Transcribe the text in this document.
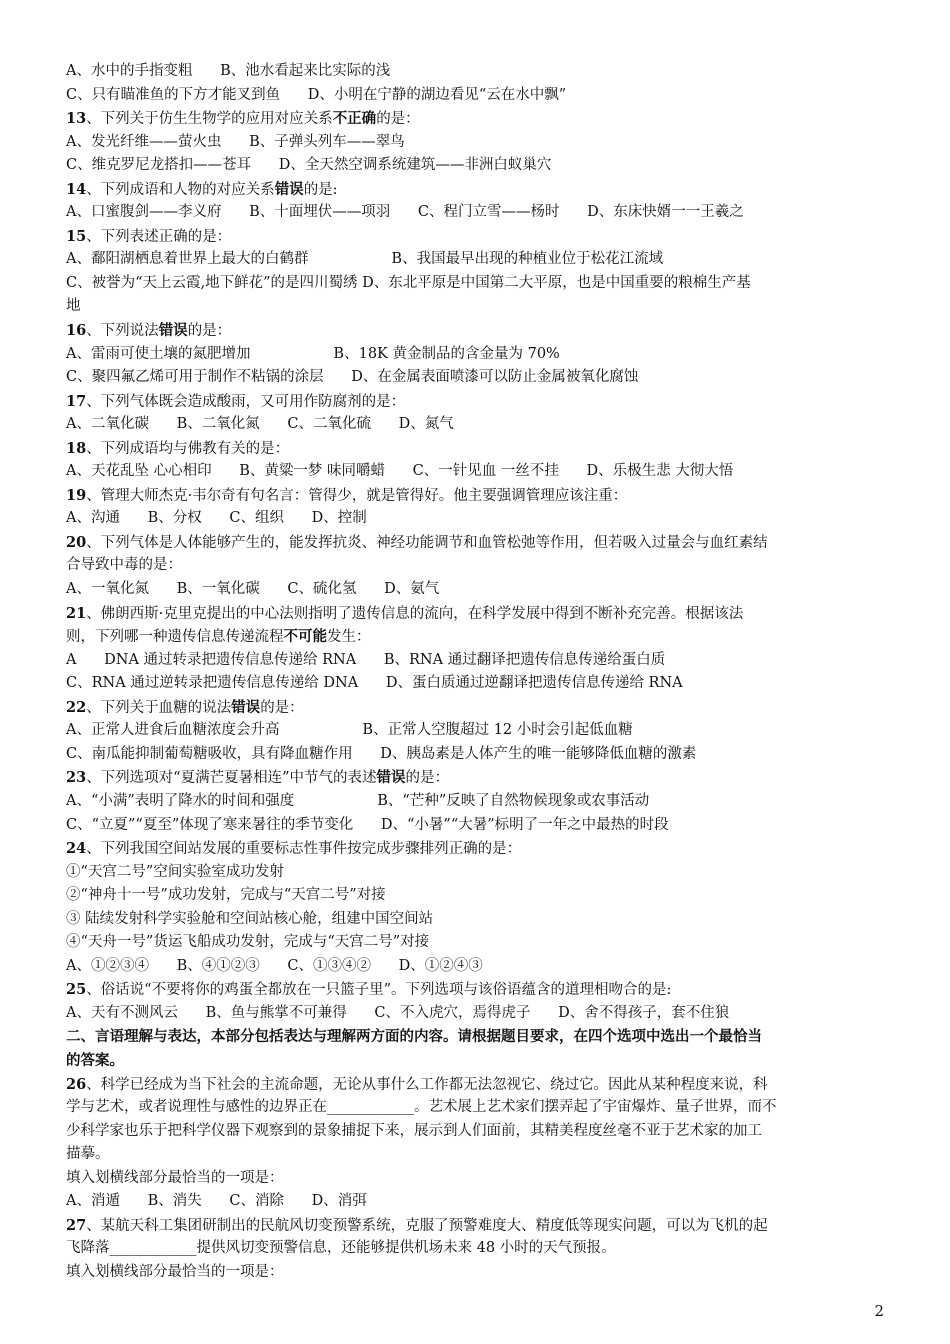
A、水中的手指变粗      B、池水看起来比实际的浅
C、只有瞄准鱼的下方才能叉到鱼      D、小明在宁静的湖边看见“云在水中飘”
13、下列关于仿生生物学的应用对应关系不正确的是：
A、发光纤维——萤火虫      B、子弹头列车——翠鸟
C、维克罗尼龙搭扣——苍耳      D、全天然空调系统建筑——非洲白蚁巢穴
14、下列成语和人物的对应关系错误的是:
A、口蜜腹剑——李义府      B、十面埋伏——项羽      C、程门立雪——杨时      D、东床快婿一一王羲之
15、下列表述正确的是：
A、鄱阳湖栖息着世界上最大的白鹤群                  B、我国最早出现的种植业位于松花江流域
C、被誉为“天上云霞,地下鲜花”的是四川蜀绣 D、东北平原是中国第二大平原，也是中国重要的粮棉生产基
地
16、下列说法错误的是：
A、雷雨可使土壤的氮肥增加                  B、18K 黄金制品的含金量为 70%
C、聚四氟乙烯可用于制作不粘锅的涂层      D、在金属表面喷漆可以防止金属被氧化腐蚀
17、下列气体既会造成酸雨，又可用作防腐剂的是：
A、二氧化碳      B、二氧化氮      C、二氧化硫      D、氮气
18、下列成语均与佛教有关的是：
A、天花乱坠 心心相印      B、黄粱一梦 味同嚼蜡      C、一针见血 一丝不挂      D、乐极生悲 大彻大悟
19、管理大师杰克·韦尔奇有句名言：管得少，就是管得好。他主要强调管理应该注重：
A、沟通      B、分权      C、组织      D、控制
20、下列气体是人体能够产生的，能发挥抗炎、神经功能调节和血管松弛等作用，但若吸入过量会与血红素结
合导致中毒的是：
A、一氧化氮      B、一氧化碳      C、硫化氢      D、氨气
21、佛朗西斯·克里克提出的中心法则指明了遗传信息的流向，在科学发展中得到不断补充完善。根据该法
则，下列哪一种遗传信息传递流程不可能发生：
A      DNA 通过转录把遗传信息传递给 RNA      B、RNA 通过翻译把遗传信息传递给蛋白质
C、RNA 通过逆转录把遗传信息传递给 DNA      D、蛋白质通过逆翻译把遗传信息传递给 RNA
22、下列关于血糖的说法错误的是：
A、正常人进食后血糖浓度会升高                  B、正常人空腹超过 12 小时会引起低血糖
C、南瓜能抑制葡萄糖吸收，具有降血糖作用      D、胰岛素是人体产生的唯一能够降低血糖的激素
23、下列选项对“夏满芒夏暑相连”中节气的表述错误的是：
A、“小满”表明了降水的时间和强度                  B、“芒种”反映了自然物候现象或农事活动
C、“立夏”“夏至”体现了寒来暑往的季节变化      D、“小暑”“大暑”标明了一年之中最热的时段
24、下列我国空间站发展的重要标志性事件按完成步骤排列正确的是：
①“天宫二号”空间实验室成功发射
②“神舟十一号”成功发射，完成与“天宫二号”对接
③ 陆续发射科学实验舱和空间站核心舱，组建中国空间站
④“天舟一号”货运飞船成功发射，完成与“天宫二号”对接
A、①②③④      B、④①②③      C、①③④②      D、①②④③
25、俗话说“不要将你的鸡蛋全都放在一只篮子里”。下列选项与该俗语蕴含的道理相吻合的是:
A、天有不测风云      B、鱼与熊掌不可兼得      C、不入虎穴，焉得虎子      D、舍不得孩子，套不住狼
二、言语理解与表达，本部分包括表达与理解两方面的内容。请根据题目要求，在四个选项中选出一个最恰当
的答案。
26、科学已经成为当下社会的主流命题，无论从事什么工作都无法忽视它、绕过它。因此从某种程度来说，科
学与艺术，或者说理性与感性的边界正在____________。艺术展上艺术家们摆弄起了宇宙爆炸、量子世界，而不
少科学家也乐于把科学仪器下观察到的景象捕捉下来，展示到人们面前，其精美程度丝毫不亚于艺术家的加工
描摹。
填入划横线部分最恰当的一项是：
A、消遁      B、消失      C、消除      D、消弭
27、某航天科工集团研制出的民航风切变预警系统，克服了预警难度大、精度低等现实问题，可以为飞机的起
飞降落____________提供风切变预警信息，还能够提供机场未来 48 小时的天气预报。
填入划横线部分最恰当的一项是：
2
